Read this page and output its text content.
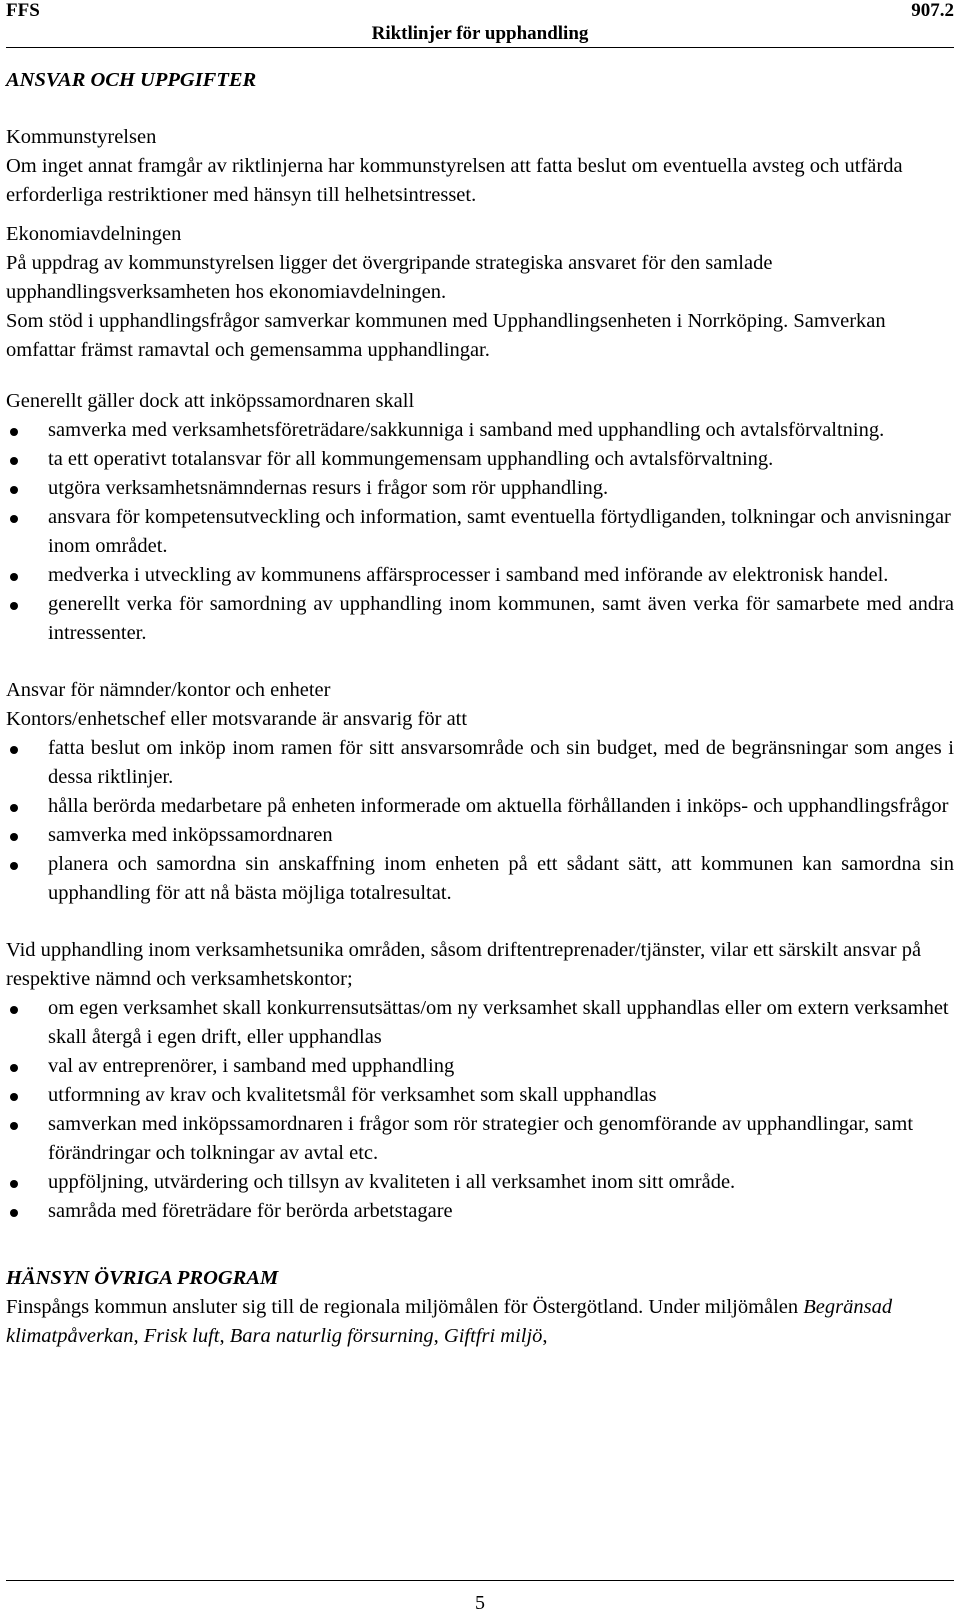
FFS	907.2
Riktlinjer för upphandling

ANSVAR OCH UPPGIFTER

Kommunstyrelsen

Om inget annat framgår av riktlinjerna har kommunstyrelsen att fatta beslut om eventuella avsteg och utfärda erforderliga restriktioner med hänsyn till helhetsintresset.

Ekonomiavdelningen

På uppdrag av kommunstyrelsen ligger det övergripande strategiska ansvaret för den samlade upphandlingsverksamheten hos ekonomiavdelningen.

Som stöd i upphandlingsfrågor samverkar kommunen med Upphandlingsenheten i Norrköping. Samverkan omfattar främst ramavtal och gemensamma upphandlingar.

Generellt gäller dock att inköpssamordnaren skall

samverka med verksamhetsföreträdare/sakkunniga i samband med upphandling och avtalsförvaltning.
ta ett operativt totalansvar för all kommungemensam upphandling och avtalsförvaltning.
utgöra verksamhetsnämndernas resurs i frågor som rör upphandling.
ansvara för kompetensutveckling och information, samt eventuella förtydliganden, tolkningar och anvisningar inom området.
medverka i utveckling av kommunens affärsprocesser i samband med införande av elektronisk handel.
generellt verka för samordning av upphandling inom kommunen, samt även verka för samarbete med andra intressenter.

Ansvar för nämnder/kontor och enheter

Kontors/enhetschef eller motsvarande är ansvarig för att

fatta beslut om inköp inom ramen för sitt ansvarsområde och sin budget, med de begränsningar som anges i dessa riktlinjer.
hålla berörda medarbetare på enheten informerade om aktuella förhållanden i inköps- och upphandlingsfrågor
samverka med inköpssamordnaren
planera och samordna sin anskaffning inom enheten på ett sådant sätt, att kommunen kan samordna sin upphandling för att nå bästa möjliga totalresultat.

Vid upphandling inom verksamhetsunika områden, såsom driftentreprenader/tjänster, vilar ett särskilt ansvar på respektive nämnd och verksamhetskontor;

om egen verksamhet skall konkurrensutsättas/om ny verksamhet skall upphandlas eller om extern verksamhet skall återgå i egen drift, eller upphandlas
val av entreprenörer, i samband med upphandling
utformning av krav och kvalitetsmål för verksamhet som skall upphandlas
samverkan med inköpssamordnaren i frågor som rör strategier och genomförande av upphandlingar, samt förändringar och tolkningar av avtal etc.
uppföljning, utvärdering och tillsyn av kvaliteten i all verksamhet inom sitt område.
samråda med företrädare för berörda arbetstagare

HÄNSYN ÖVRIGA PROGRAM

Finspångs kommun ansluter sig till de regionala miljömålen för Östergötland. Under miljömålen Begränsad klimatpåverkan, Frisk luft, Bara naturlig försurning, Giftfri miljö,

5
